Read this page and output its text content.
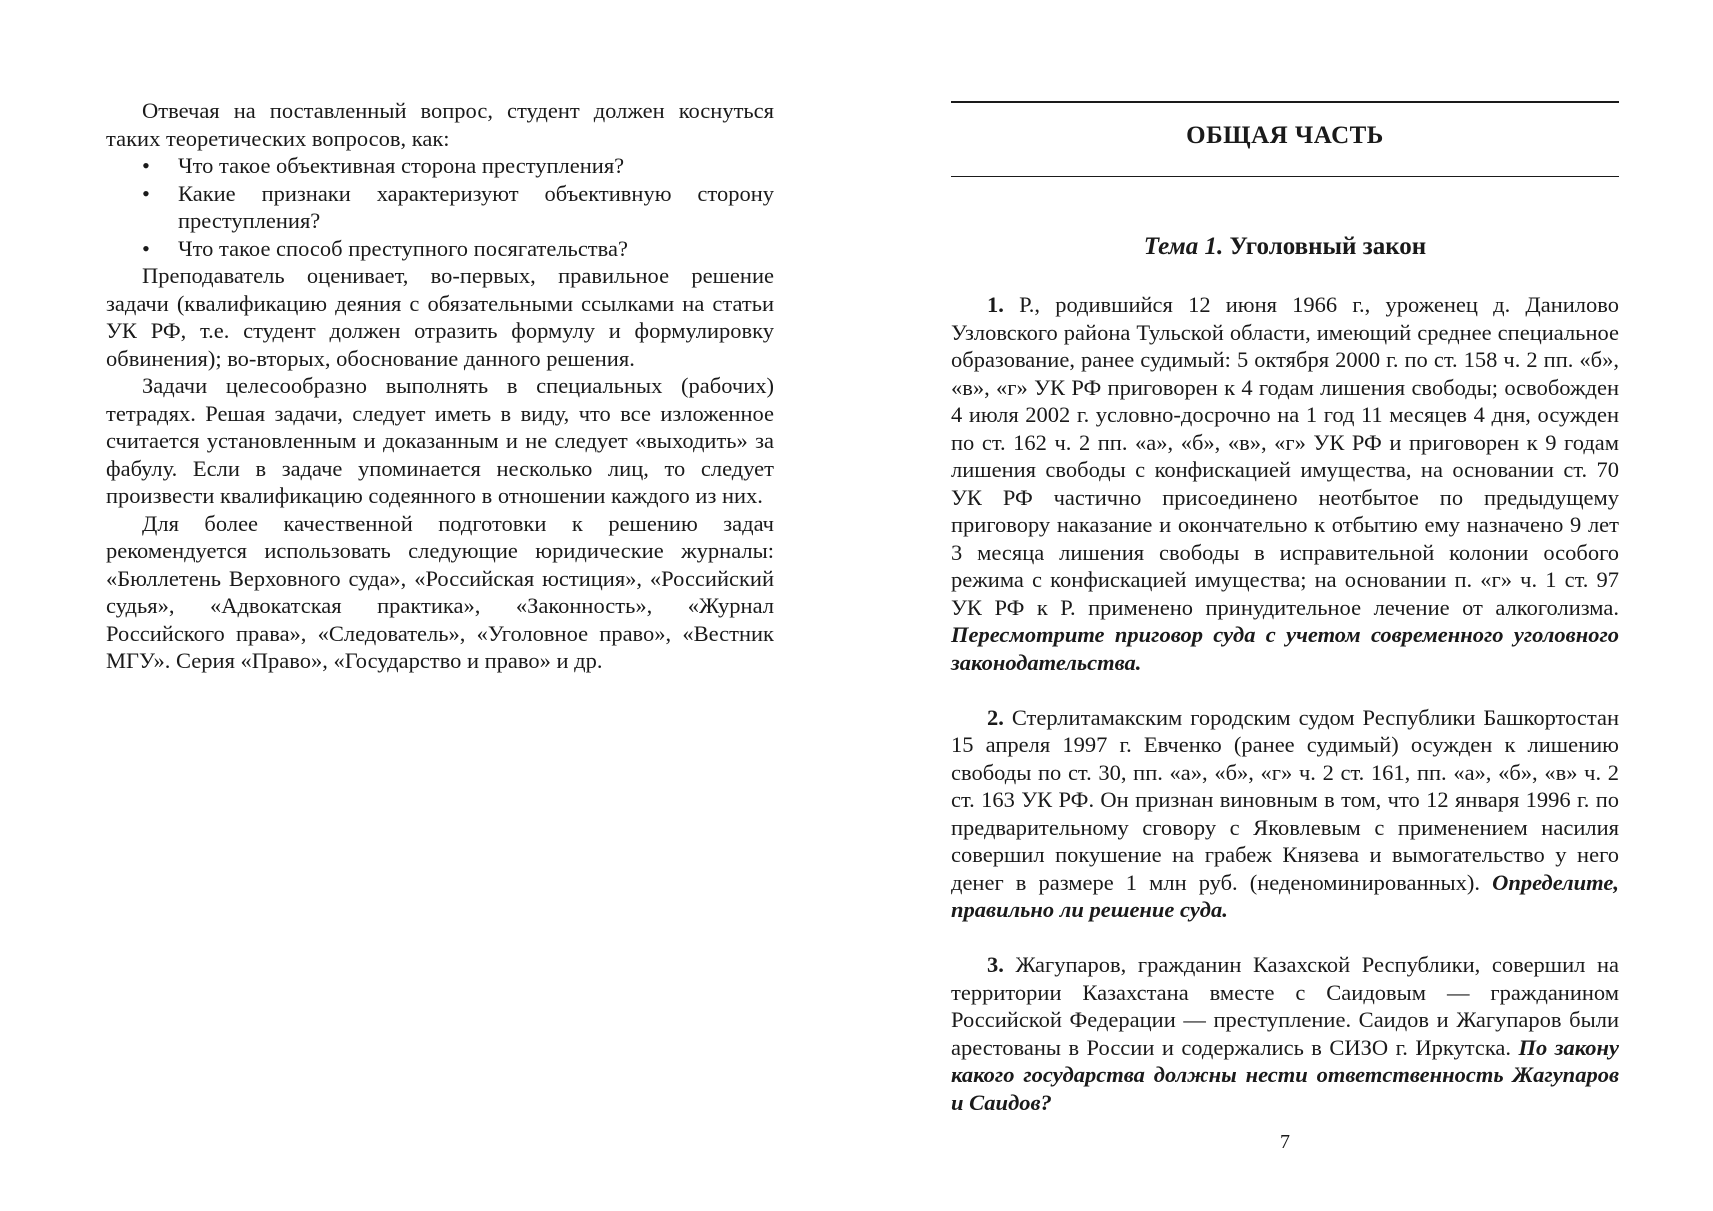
Отвечая на поставленный вопрос, студент должен коснуться таких теоретических вопросов, как:

• Что такое объективная сторона преступления?
• Какие признаки характеризуют объективную сторону преступления?
• Что такое способ преступного посягательства?

Преподаватель оценивает, во-первых, правильное решение задачи (квалификацию деяния с обязательными ссылками на статьи УК РФ, т.е. студент должен отразить формулу и формулировку обвинения); во-вторых, обоснование данного решения.

Задачи целесообразно выполнять в специальных (рабочих) тетрадях. Решая задачи, следует иметь в виду, что все изложенное считается установленным и доказанным и не следует «выходить» за фабулу. Если в задаче упоминается несколько лиц, то следует произвести квалификацию содеянного в отношении каждого из них.

Для более качественной подготовки к решению задач рекомендуется использовать следующие юридические журналы: «Бюллетень Верховного суда», «Российская юстиция», «Российский судья», «Адвокатская практика», «Законность», «Журнал Российского права», «Следователь», «Уголовное право», «Вестник МГУ». Серия «Право», «Государство и право» и др.

ОБЩАЯ ЧАСТЬ
Тема 1. Уголовный закон

1. Р., родившийся 12 июня 1966 г., уроженец д. Данилово Узловского района Тульской области, имеющий среднее специальное образование, ранее судимый: 5 октября 2000 г. по ст. 158 ч. 2 пп. «б», «в», «г» УК РФ приговорен к 4 годам лишения свободы; освобожден 4 июля 2002 г. условно-досрочно на 1 год 11 месяцев 4 дня, осужден по ст. 162 ч. 2 пп. «а», «б», «в», «г» УК РФ и приговорен к 9 годам лишения свободы с конфискацией имущества, на основании ст. 70 УК РФ частично присоединено неотбытое по предыдущему приговору наказание и окончательно к отбытию ему назначено 9 лет 3 месяца лишения свободы в исправительной колонии особого режима с конфискацией имущества; на основании п. «г» ч. 1 ст. 97 УК РФ к Р. применено принудительное лечение от алкоголизма. Пересмотрите приговор суда с учетом современного уголовного законодательства.

2. Стерлитамакским городским судом Республики Башкортостан 15 апреля 1997 г. Евченко (ранее судимый) осужден к лишению свободы по ст. 30, пп. «а», «б», «г» ч. 2 ст. 161, пп. «а», «б», «в» ч. 2 ст. 163 УК РФ. Он признан виновным в том, что 12 января 1996 г. по предварительному сговору с Яковлевым с применением насилия совершил покушение на грабеж Князева и вымогательство у него денег в размере 1 млн руб. (неденоминированных). Определите, правильно ли решение суда.

3. Жагупаров, гражданин Казахской Республики, совершил на территории Казахстана вместе с Саидовым — гражданином Российской Федерации — преступление. Саидов и Жагупаров были арестованы в России и содержались в СИЗО г. Иркутска. По закону какого государства должны нести ответственность Жагупаров и Саидов?

7
